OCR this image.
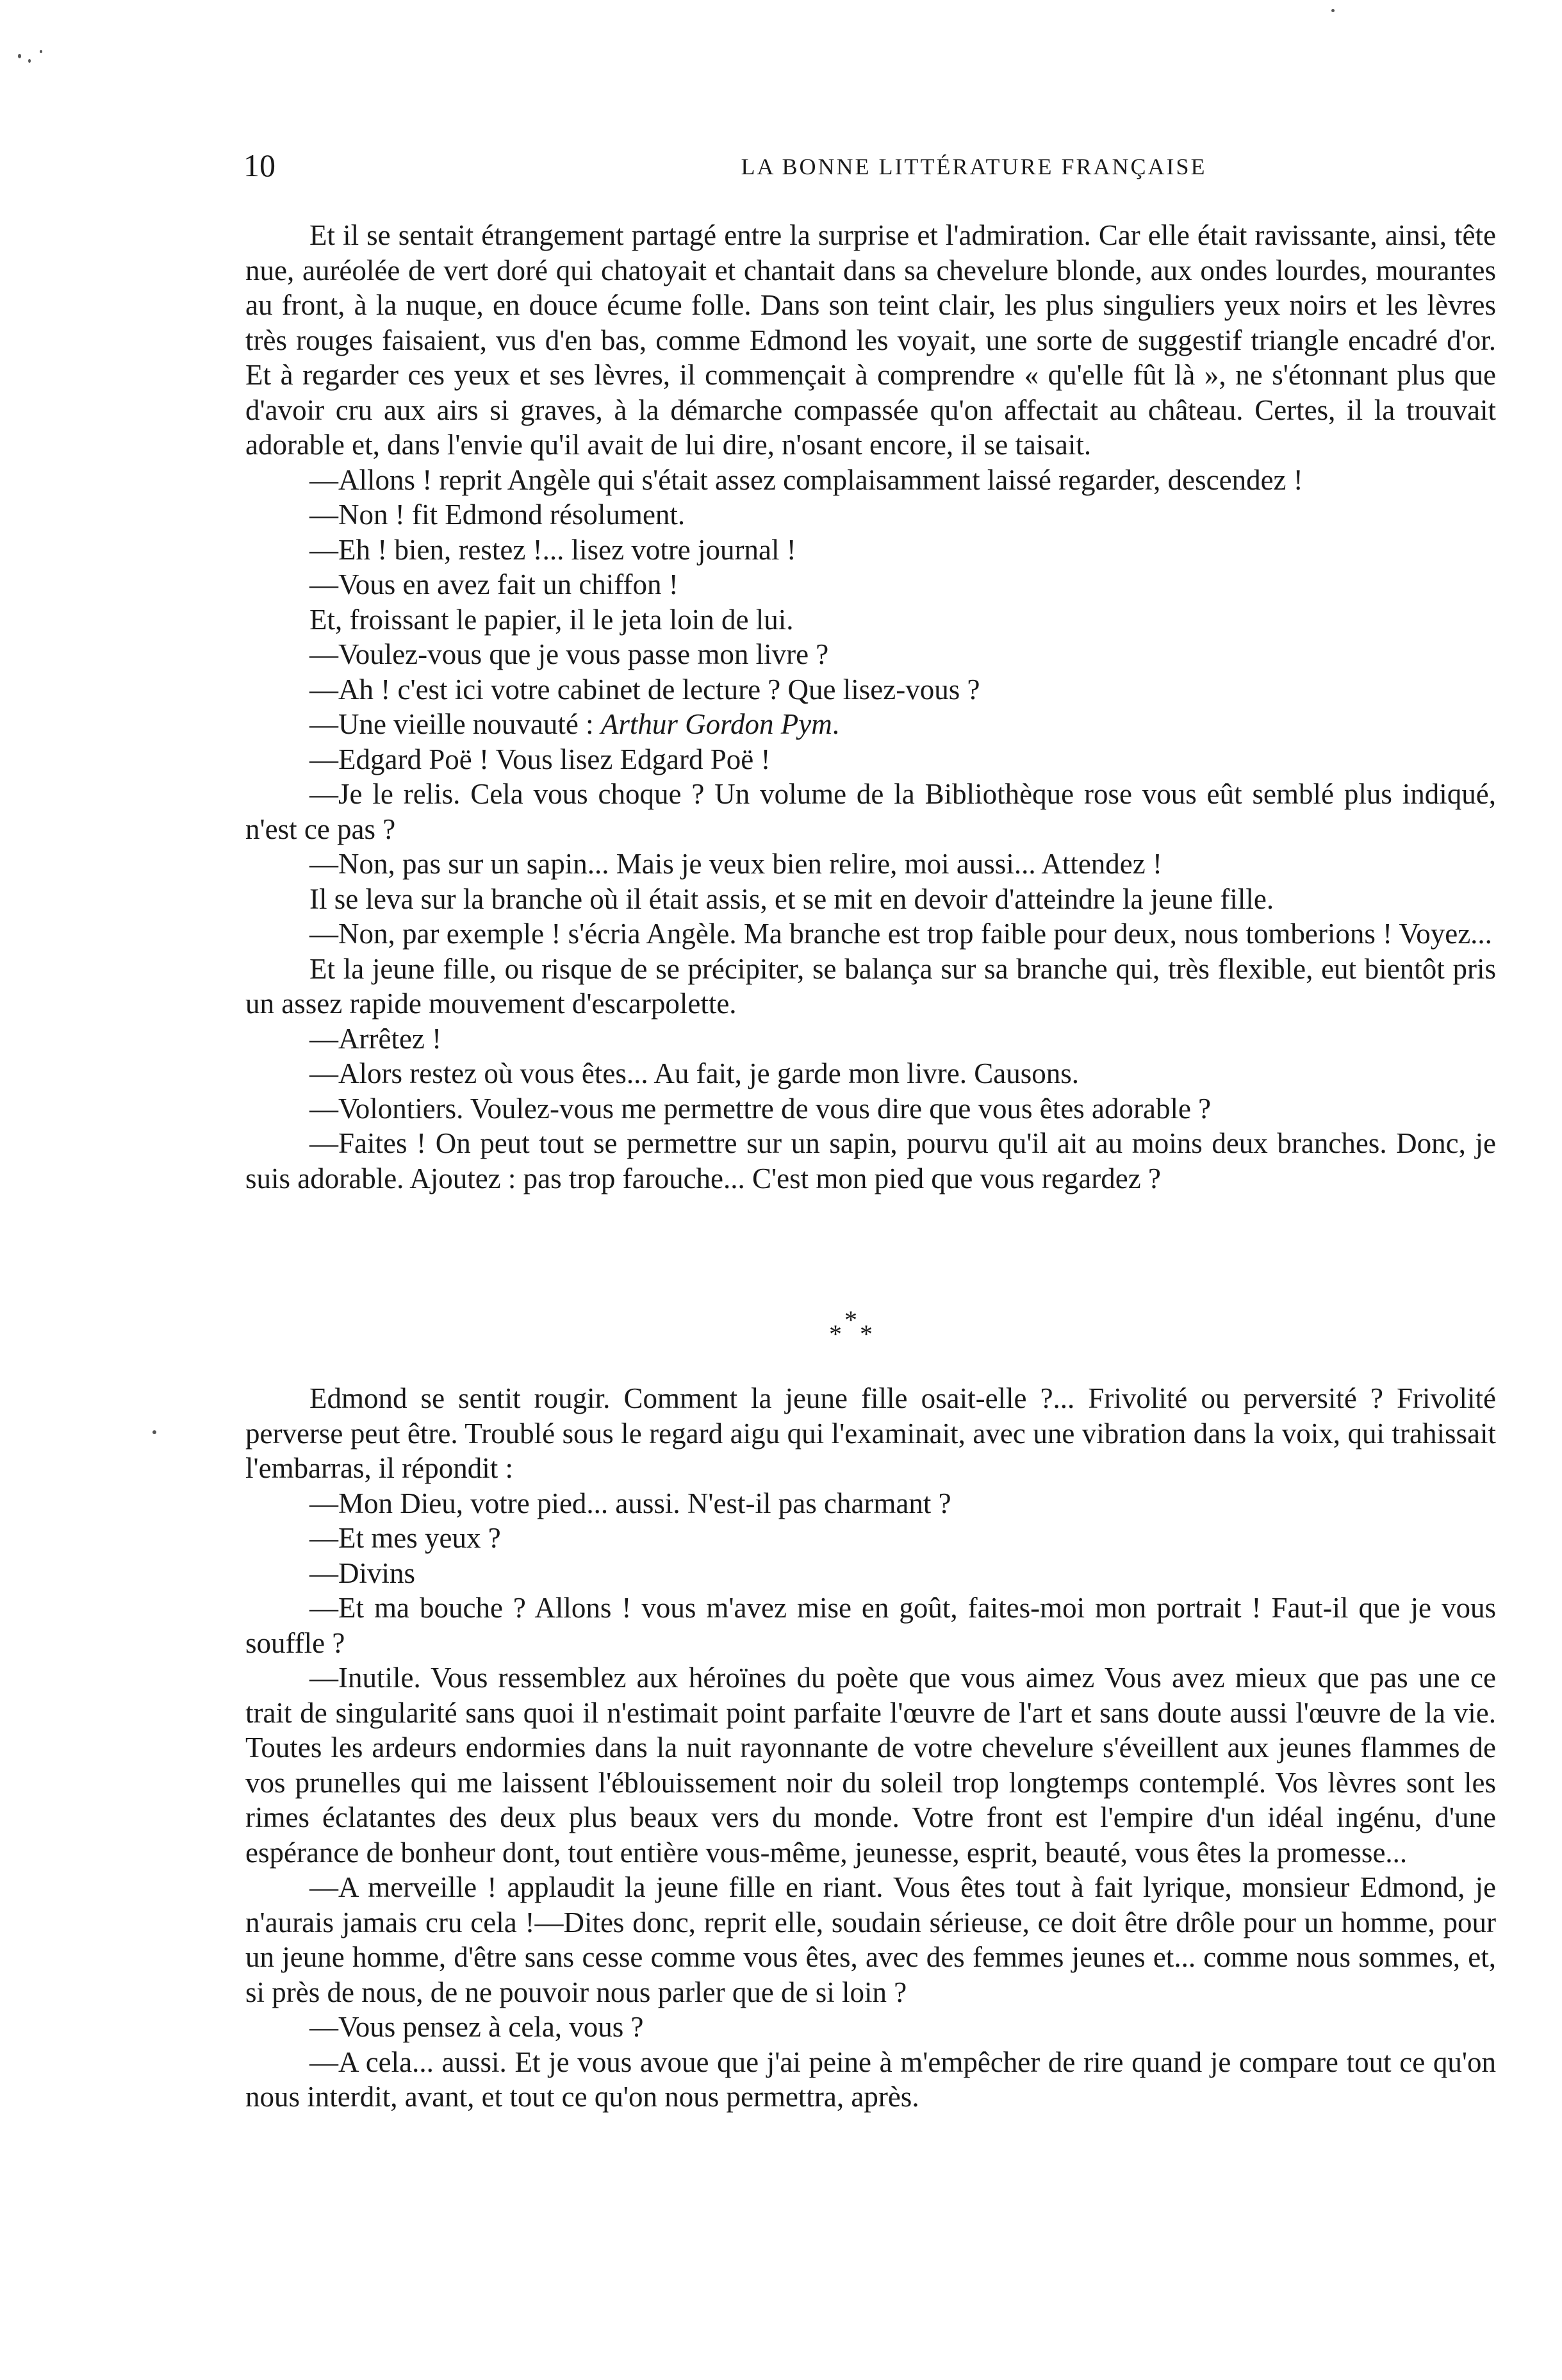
10	LA BONNE LITTÉRATURE FRANÇAISE

Et il se sentait étrangement partagé entre la surprise et l'admiration. Car elle était ravissante, ainsi, tête nue, auréolée de vert doré qui chatoyait et chantait dans sa chevelure blonde, aux ondes lourdes, mourantes au front, à la nuque, en douce écume folle. Dans son teint clair, les plus singuliers yeux noirs et les lèvres très rouges faisaient, vus d'en bas, comme Edmond les voyait, une sorte de suggestif triangle encadré d'or. Et à regarder ces yeux et ses lèvres, il commençait à comprendre « qu'elle fût là », ne s'étonnant plus que d'avoir cru aux airs si graves, à la démarche compassée qu'on affectait au château. Certes, il la trouvait adorable et, dans l'envie qu'il avait de lui dire, n'osant encore, il se taisait.

—Allons ! reprit Angèle qui s'était assez complaisamment laissé regarder, descendez !

—Non ! fit Edmond résolument.

—Eh ! bien, restez !... lisez votre journal !

—Vous en avez fait un chiffon !

Et, froissant le papier, il le jeta loin de lui.

—Voulez-vous que je vous passe mon livre ?

—Ah ! c'est ici votre cabinet de lecture ? Que lisez-vous ?

—Une vieille nouvauté : Arthur Gordon Pym.

—Edgard Poë ! Vous lisez Edgard Poë !

—Je le relis. Cela vous choque ? Un volume de la Bibliothèque rose vous eût semblé plus indiqué, n'est ce pas ?

—Non, pas sur un sapin... Mais je veux bien relire, moi aussi... Attendez !

Il se leva sur la branche où il était assis, et se mit en devoir d'atteindre la jeune fille.

—Non, par exemple ! s'écria Angèle. Ma branche est trop faible pour deux, nous tomberions ! Voyez...

Et la jeune fille, ou risque de se précipiter, se balança sur sa branche qui, très flexible, eut bientôt pris un assez rapide mouvement d'escarpolette.

—Arrêtez !

—Alors restez où vous êtes... Au fait, je garde mon livre. Causons.

—Volontiers. Voulez-vous me permettre de vous dire que vous êtes adorable ?

—Faites ! On peut tout se permettre sur un sapin, pourvu qu'il ait au moins deux branches. Donc, je suis adorable. Ajoutez : pas trop farouche... C'est mon pied que vous regardez ?

*
* *

Edmond se sentit rougir. Comment la jeune fille osait-elle ?... Frivolité ou perversité ? Frivolité perverse peut être. Troublé sous le regard aigu qui l'examinait, avec une vibration dans la voix, qui trahissait l'embarras, il répondit :

—Mon Dieu, votre pied... aussi. N'est-il pas charmant ?

—Et mes yeux ?

—Divins

—Et ma bouche ? Allons ! vous m'avez mise en goût, faites-moi mon portrait ! Faut-il que je vous souffle ?

—Inutile. Vous ressemblez aux héroïnes du poète que vous aimez Vous avez mieux que pas une ce trait de singularité sans quoi il n'estimait point parfaite l'œuvre de l'art et sans doute aussi l'œuvre de la vie. Toutes les ardeurs endormies dans la nuit rayonnante de votre chevelure s'éveillent aux jeunes flammes de vos prunelles qui me laissent l'éblouissement noir du soleil trop longtemps contemplé. Vos lèvres sont les rimes éclatantes des deux plus beaux vers du monde. Votre front est l'empire d'un idéal ingénu, d'une espérance de bonheur dont, tout entière vous-même, jeunesse, esprit, beauté, vous êtes la promesse...

—A merveille ! applaudit la jeune fille en riant. Vous êtes tout à fait lyrique, monsieur Edmond, je n'aurais jamais cru cela !—Dites donc, reprit elle, soudain sérieuse, ce doit être drôle pour un homme, pour un jeune homme, d'être sans cesse comme vous êtes, avec des femmes jeunes et... comme nous sommes, et, si près de nous, de ne pouvoir nous parler que de si loin ?

—Vous pensez à cela, vous ?

—A cela... aussi. Et je vous avoue que j'ai peine à m'empêcher de rire quand je compare tout ce qu'on nous interdit, avant, et tout ce qu'on nous permettra, après.
